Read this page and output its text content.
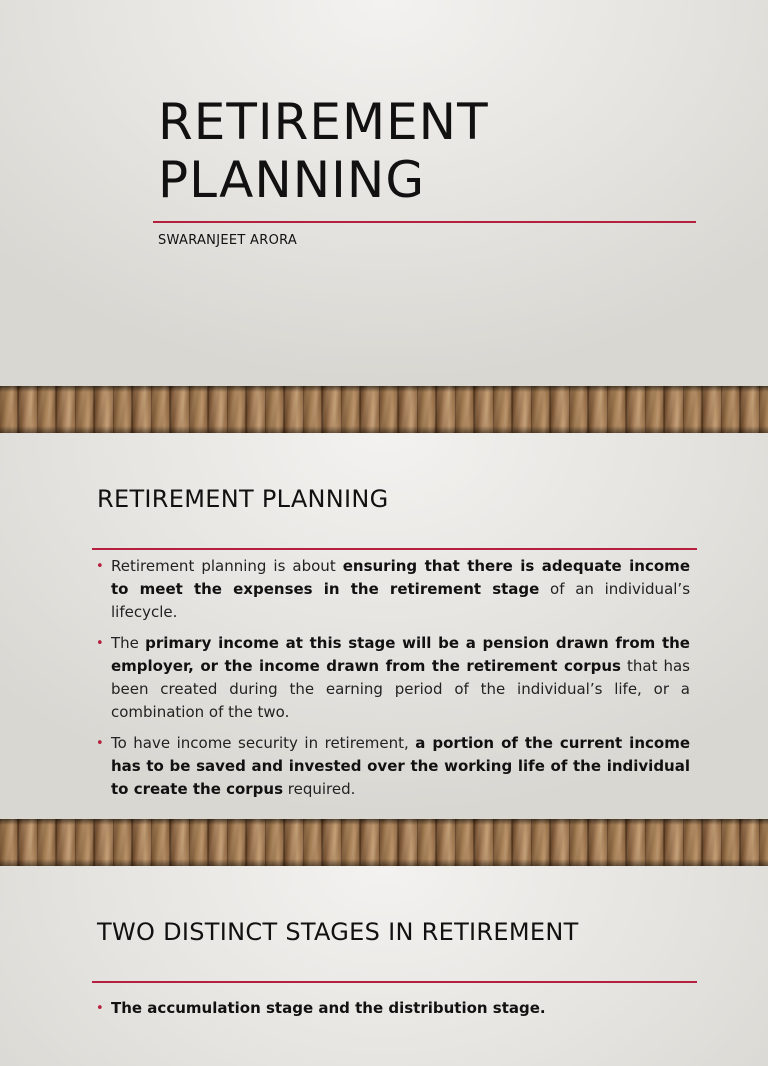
RETIREMENT
PLANNING
SWARANJEET ARORA
RETIREMENT PLANNING
• Retirement planning is about ensuring that there is adequate income to meet the expenses in the retirement stage of an individual’s lifecycle.
• The primary income at this stage will be a pension drawn from the employer, or the income drawn from the retirement corpus that has been created during the earning period of the individual’s life, or a combination of the two.
• To have income security in retirement, a portion of the current income has to be saved and invested over the working life of the individual to create the corpus required.
TWO DISTINCT STAGES IN RETIREMENT
• The accumulation stage and the distribution stage.
